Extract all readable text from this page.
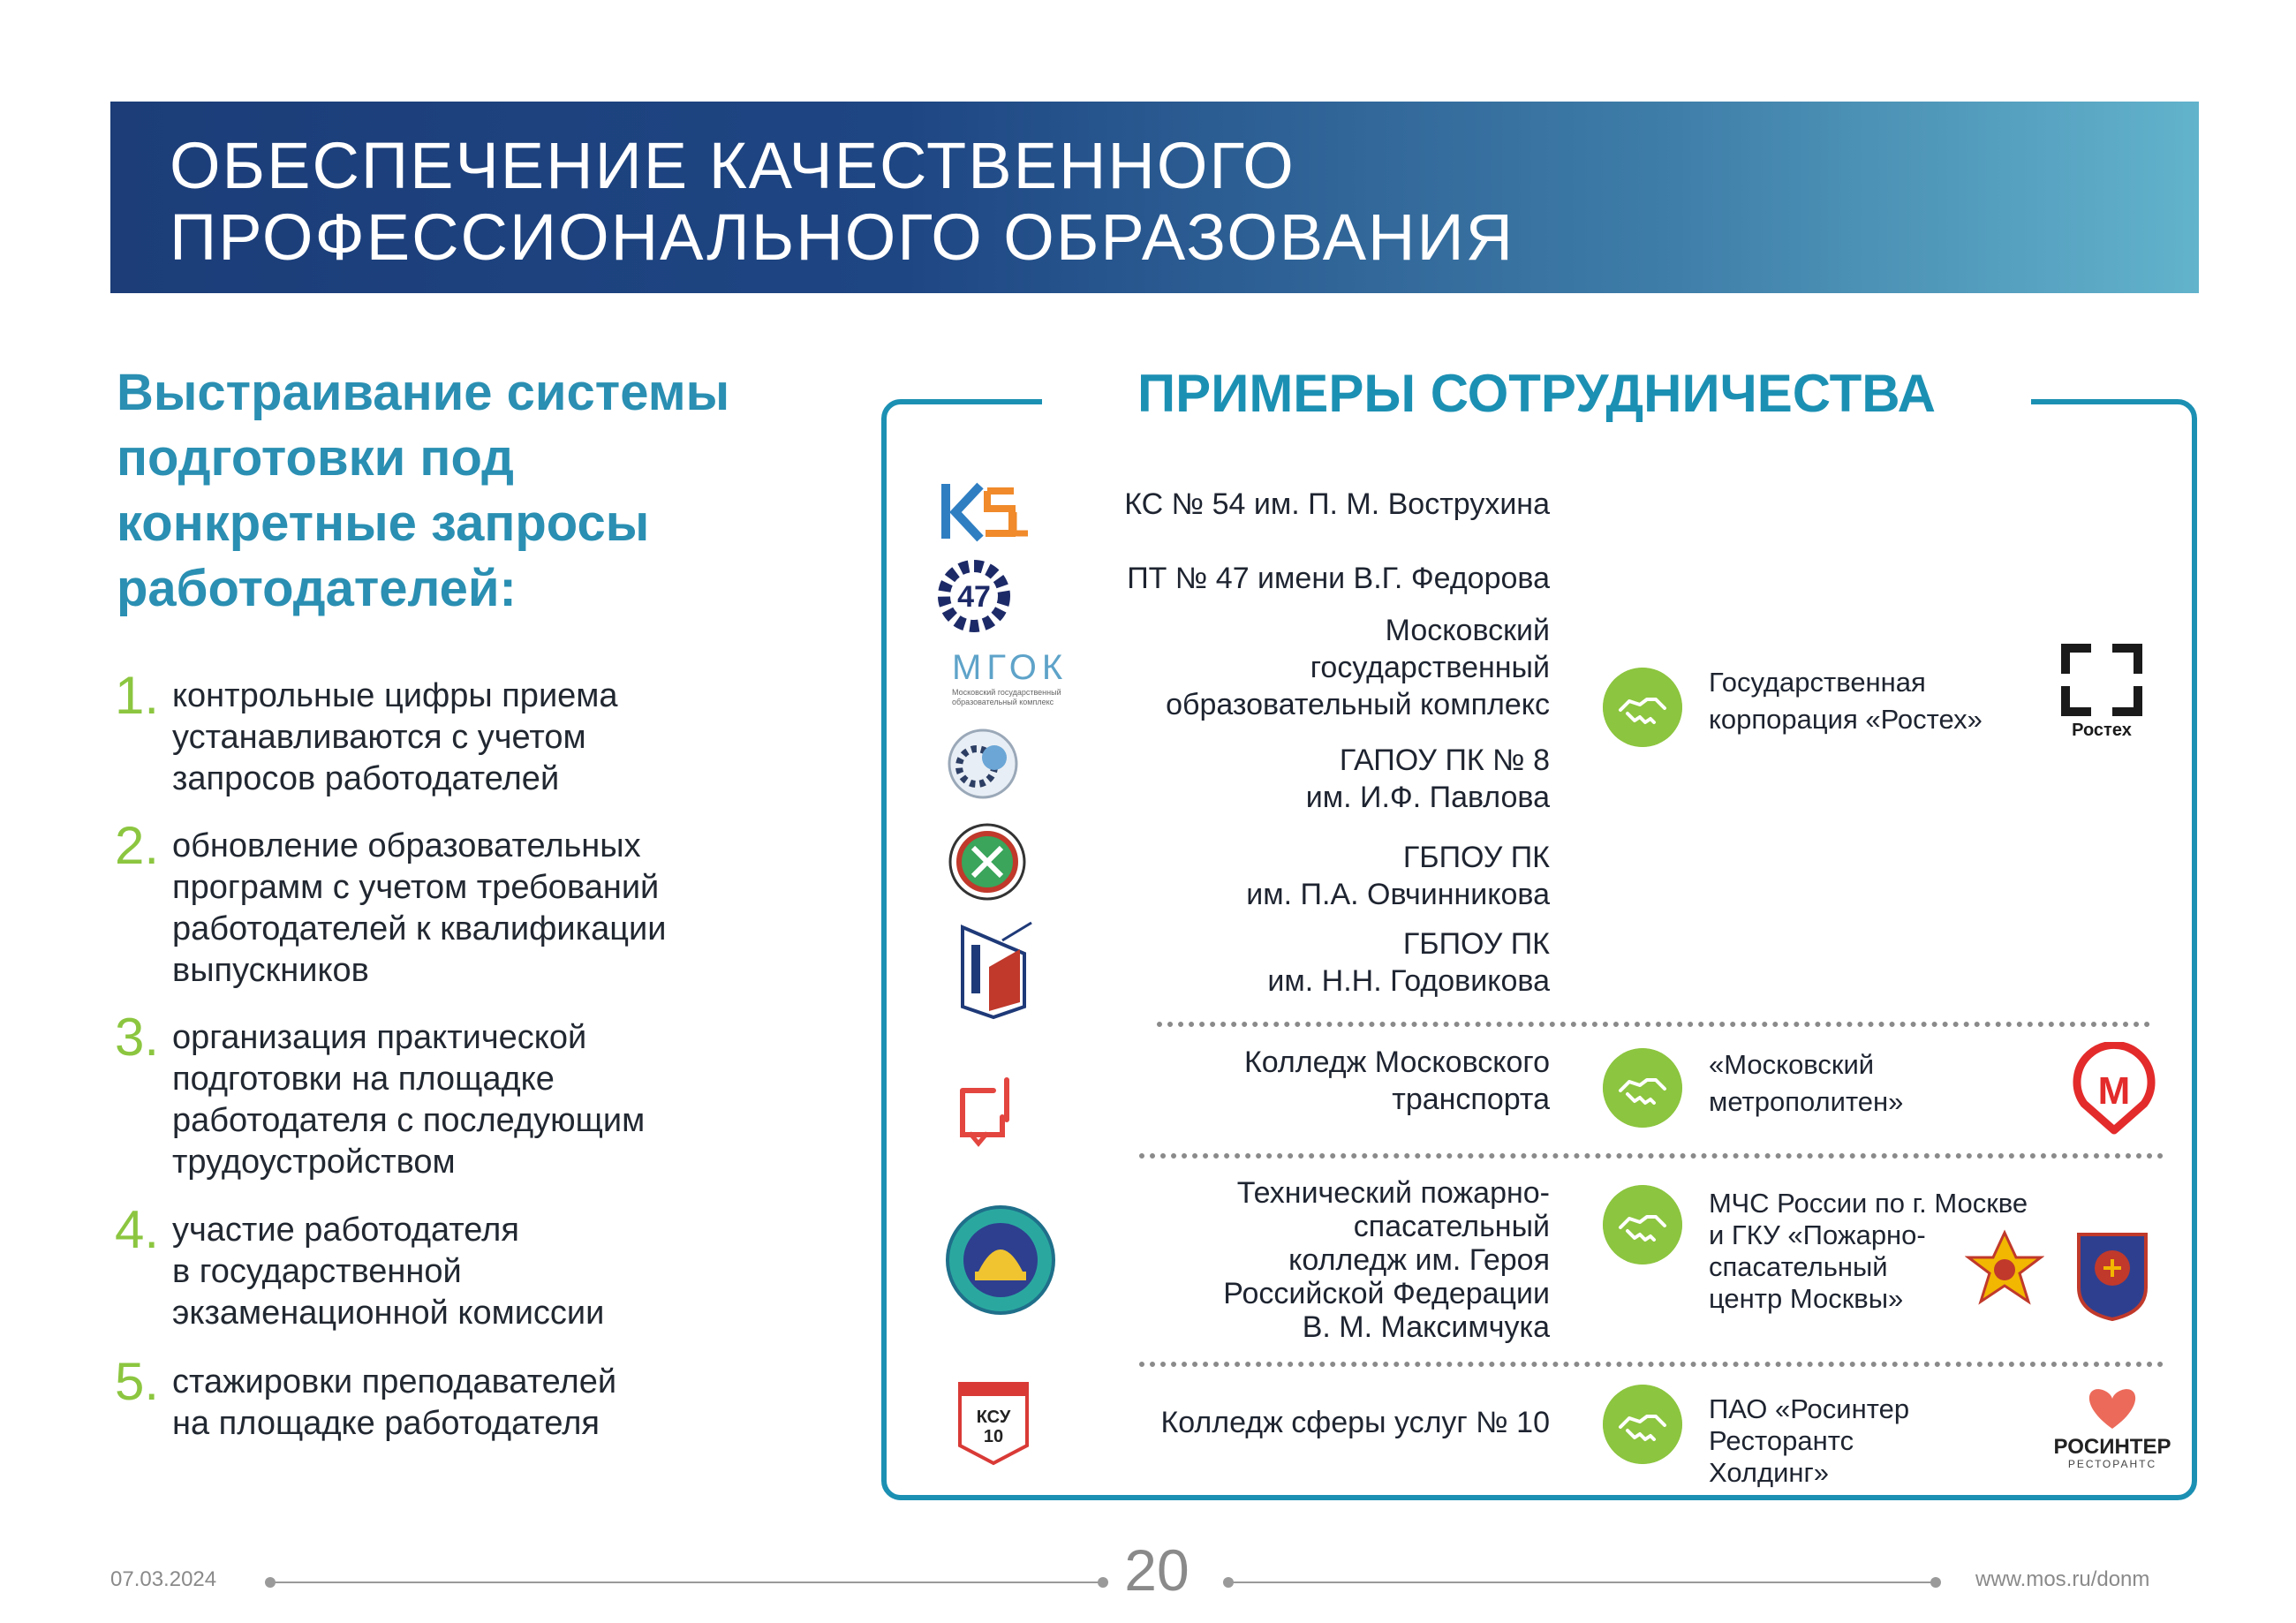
ОБЕСПЕЧЕНИЕ КАЧЕСТВЕННОГО
ПРОФЕССИОНАЛЬНОГО ОБРАЗОВАНИЯ
Выстраивание системы
подготовки под
конкретные запросы
работодателей:
1. контрольные цифры приема
устанавливаются с учетом
запросов работодателей
2. обновление образовательных
программ с учетом требований
работодателей к квалификации
выпускников
3. организация практической
подготовки на площадке
работодателя с последующим
трудоустройством
4. участие работодателя
в государственной
экзаменационной комиссии
5. стажировки преподавателей
на площадке работодателя
ПРИМЕРЫ СОТРУДНИЧЕСТВА
КС № 54 им. П. М. Вострухина
ПТ № 47 имени В.Г. Федорова
Московский
государственный
образовательный комплекс
ГАПОУ ПК № 8
им. И.Ф. Павлова
ГБПОУ ПК
им. П.А. Овчинникова
ГБПОУ ПК
им. Н.Н. Годовикова
Колледж Московского
транспорта
Технический пожарно-
спасательный
колледж им. Героя
Российской Федерации
В. М. Максимчука
Колледж сферы услуг № 10
47
МГОК
Московский государственный
образовательный комплекс
КСУ
10
Государственная
корпорация «Ростех»
«Московский
метрополитен»
МЧС России по г. Москве
и ГКУ «Пожарно-
спасательный
центр Москвы»
ПАО «Росинтер
Ресторантс
Холдинг»
Ростех
М
РОСИНТЕР
РЕСТОРАНТС
07.03.2024	20	www.mos.ru/donm
